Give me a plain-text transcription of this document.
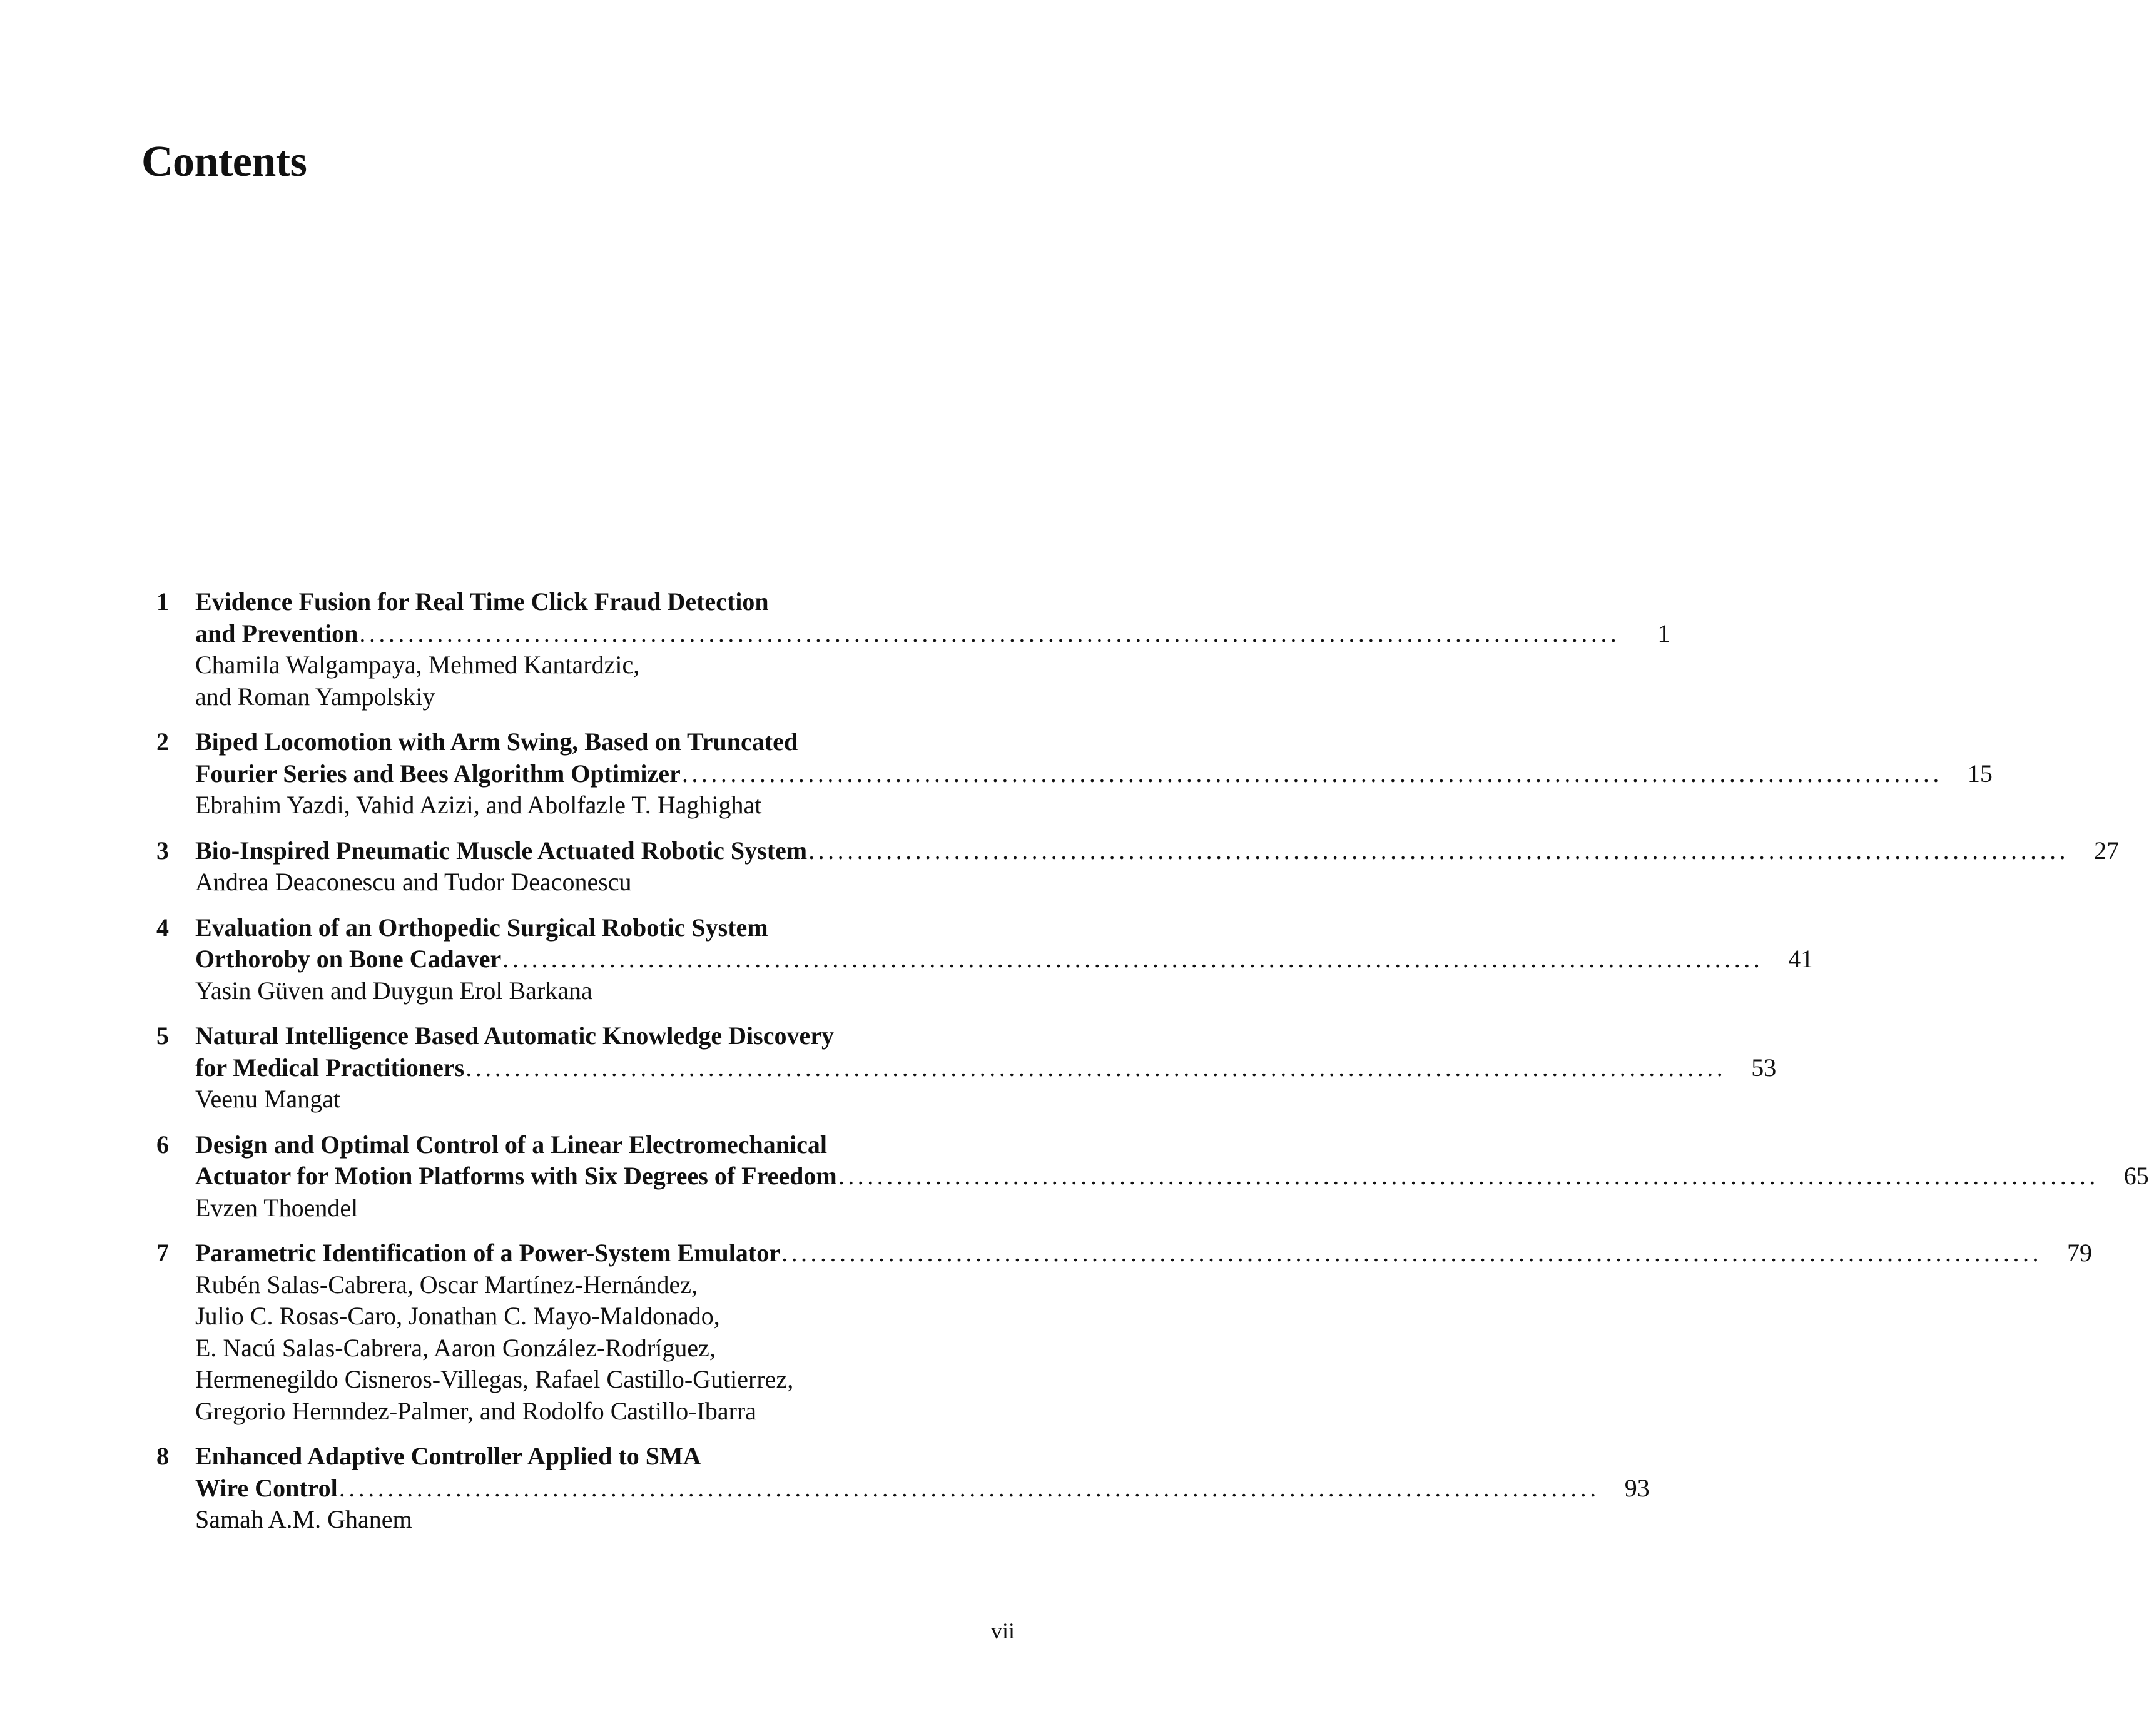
Contents
1 Evidence Fusion for Real Time Click Fraud Detection
and Prevention ..................................................................................................................................	1
Chamila Walgampaya, Mehmed Kantardzic,
and Roman Yampolskiy
2 Biped Locomotion with Arm Swing, Based on Truncated
Fourier Series and Bees Algorithm Optimizer ..................................................................................................................................	15
Ebrahim Yazdi, Vahid Azizi, and Abolfazle T. Haghighat
3 Bio-Inspired Pneumatic Muscle Actuated Robotic System ..................................................................................................................................	27
Andrea Deaconescu and Tudor Deaconescu
4 Evaluation of an Orthopedic Surgical Robotic System
Orthoroby on Bone Cadaver ..................................................................................................................................	41
Yasin Güven and Duygun Erol Barkana
5 Natural Intelligence Based Automatic Knowledge Discovery
for Medical Practitioners ..................................................................................................................................	53
Veenu Mangat
6 Design and Optimal Control of a Linear Electromechanical
Actuator for Motion Platforms with Six Degrees of Freedom ..................................................................................................................................	65
Evzen Thoendel
7 Parametric Identification of a Power-System Emulator ..................................................................................................................................	79
Rubén Salas-Cabrera, Oscar Martínez-Hernández,
Julio C. Rosas-Caro, Jonathan C. Mayo-Maldonado,
E. Nacú Salas-Cabrera, Aaron González-Rodríguez,
Hermenegildo Cisneros-Villegas, Rafael Castillo-Gutierrez,
Gregorio Hernndez-Palmer, and Rodolfo Castillo-Ibarra
8 Enhanced Adaptive Controller Applied to SMA
Wire Control ..................................................................................................................................	93
Samah A.M. Ghanem
vii
